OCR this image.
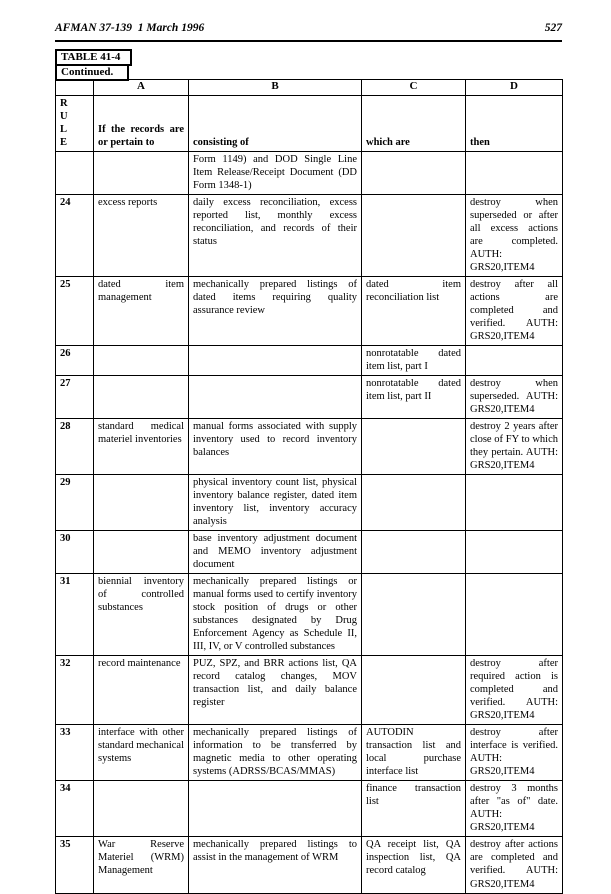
AFMAN 37-139  1 March 1996	527
TABLE 41-4
Continued.
	A	B	C	D

R
U
L
E	If the records are or pertain to	consisting of	which are	then
		Form 1149) and DOD Single Line Item Release/Receipt Document (DD Form 1348-1)		
24	excess reports	daily excess reconciliation, excess reported list, monthly excess reconciliation, and records of their status		destroy when superseded or after all excess actions are completed. AUTH: GRS20,ITEM4
25	dated item management	mechanically prepared listings of dated items requiring quality assurance review	dated item reconciliation list	destroy after all actions are completed and verified. AUTH: GRS20,ITEM4
26			nonrotatable dated item list, part I	
27			nonrotatable dated item list, part II	destroy when superseded. AUTH: GRS20,ITEM4
28	standard medical materiel inventories	manual forms associated with supply inventory used to record inventory balances		destroy 2 years after close of FY to which they pertain. AUTH: GRS20,ITEM4
29		physical inventory count list, physical inventory balance register, dated item inventory list, inventory accuracy analysis		
30		base inventory adjustment document and MEMO inventory adjustment document		
31	biennial inventory of controlled substances	mechanically prepared listings or manual forms used to certify inventory stock position of drugs or other substances designated by Drug Enforcement Agency as Schedule II, III, IV, or V controlled substances		
32	record maintenance	PUZ, SPZ, and BRR actions list, QA record catalog changes, MOV transaction list, and daily balance register		destroy after required action is completed and verified. AUTH: GRS20,ITEM4
33	interface with other standard mechanical systems	mechanically prepared listings of information to be transferred by magnetic media to other operating systems (ADRSS/BCAS/MMAS)	AUTODIN transaction list and local purchase interface list	destroy after interface is verified. AUTH: GRS20,ITEM4
34			finance transaction list	destroy 3 months after "as of" date. AUTH: GRS20,ITEM4
35	War Reserve Materiel (WRM) Management	mechanically prepared listings to assist in the management of WRM	QA receipt list, QA inspection list, QA record catalog	destroy after actions are completed and verified. AUTH: GRS20,ITEM4
